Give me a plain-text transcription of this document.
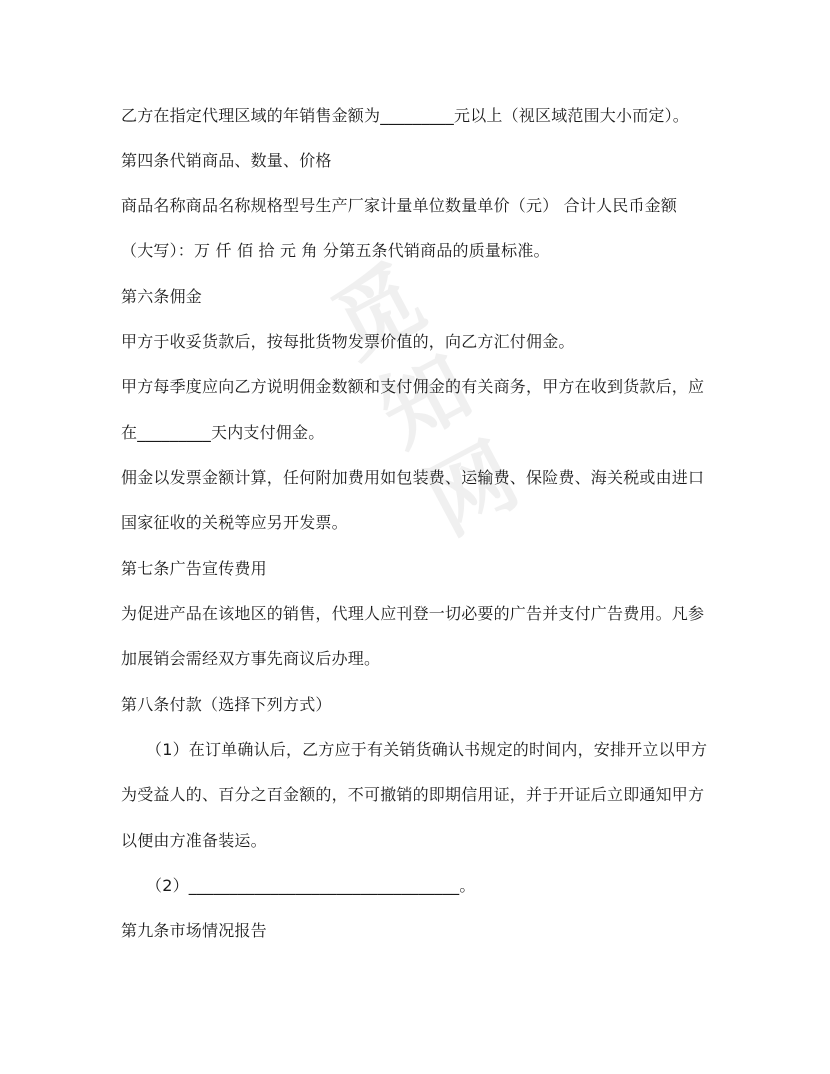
觅
知
网
乙方在指定代理区域的年销售金额为_________元以上（视区域范围大小而定）。
第四条代销商品、数量、价格
商品名称商品名称规格型号生产厂家计量单位数量单价（元） 合计人民币金额
（大写）：万 仟 佰 拾 元 角 分第五条代销商品的质量标准。
第六条佣金
甲方于收妥货款后，按每批货物发票价值的，向乙方汇付佣金。
甲方每季度应向乙方说明佣金数额和支付佣金的有关商务，甲方在收到货款后，应
在_________天内支付佣金。
佣金以发票金额计算，任何附加费用如包装费、运输费、保险费、海关税或由进口
国家征收的关税等应另开发票。
第七条广告宣传费用
为促进产品在该地区的销售，代理人应刊登一切必要的广告并支付广告费用。凡参
加展销会需经双方事先商议后办理。
第八条付款（选择下列方式）
（1）在订单确认后，乙方应于有关销货确认书规定的时间内，安排开立以甲方
为受益人的、百分之百金额的，不可撤销的即期信用证，并于开证后立即通知甲方
以便由方准备装运。
（2）_________________________________。
第九条市场情况报告
